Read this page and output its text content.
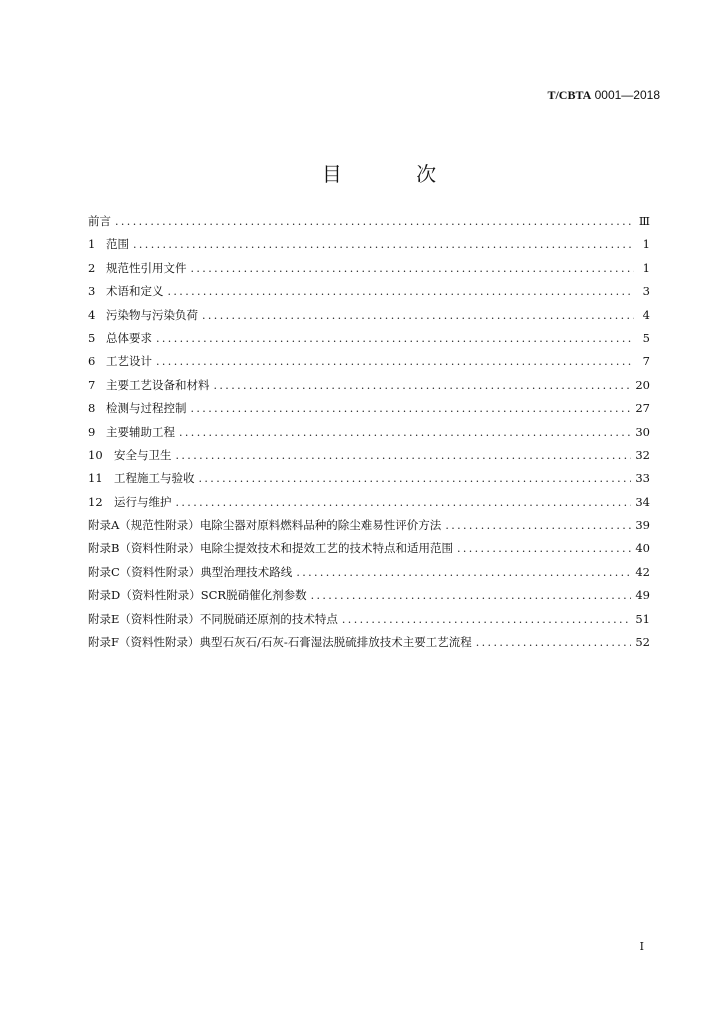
T/CBTA 0001—2018
目 次
前言 .....	Ⅲ
1 范围 .....	1
2 规范性引用文件 .....	1
3 术语和定义 .....	3
4 污染物与污染负荷 .....	4
5 总体要求 .....	5
6 工艺设计 .....	7
7 主要工艺设备和材料 .....	20
8 检测与过程控制 .....	27
9 主要辅助工程 .....	30
10 安全与卫生 .....	32
11 工程施工与验收 .....	33
12 运行与维护 .....	34
附录A（规范性附录） 电除尘器对原料燃料品种的除尘难易性评价方法 .....	39
附录B（资料性附录） 电除尘提效技术和提效工艺的技术特点和适用范围 .....	40
附录C（资料性附录） 典型治理技术路线 .....	42
附录D（资料性附录） SCR脱硝催化剂参数 .....	49
附录E（资料性附录） 不同脱硝还原剂的技术特点 .....	51
附录F（资料性附录） 典型石灰石/石灰-石膏湿法脱硫排放技术主要工艺流程 .....	52
I
